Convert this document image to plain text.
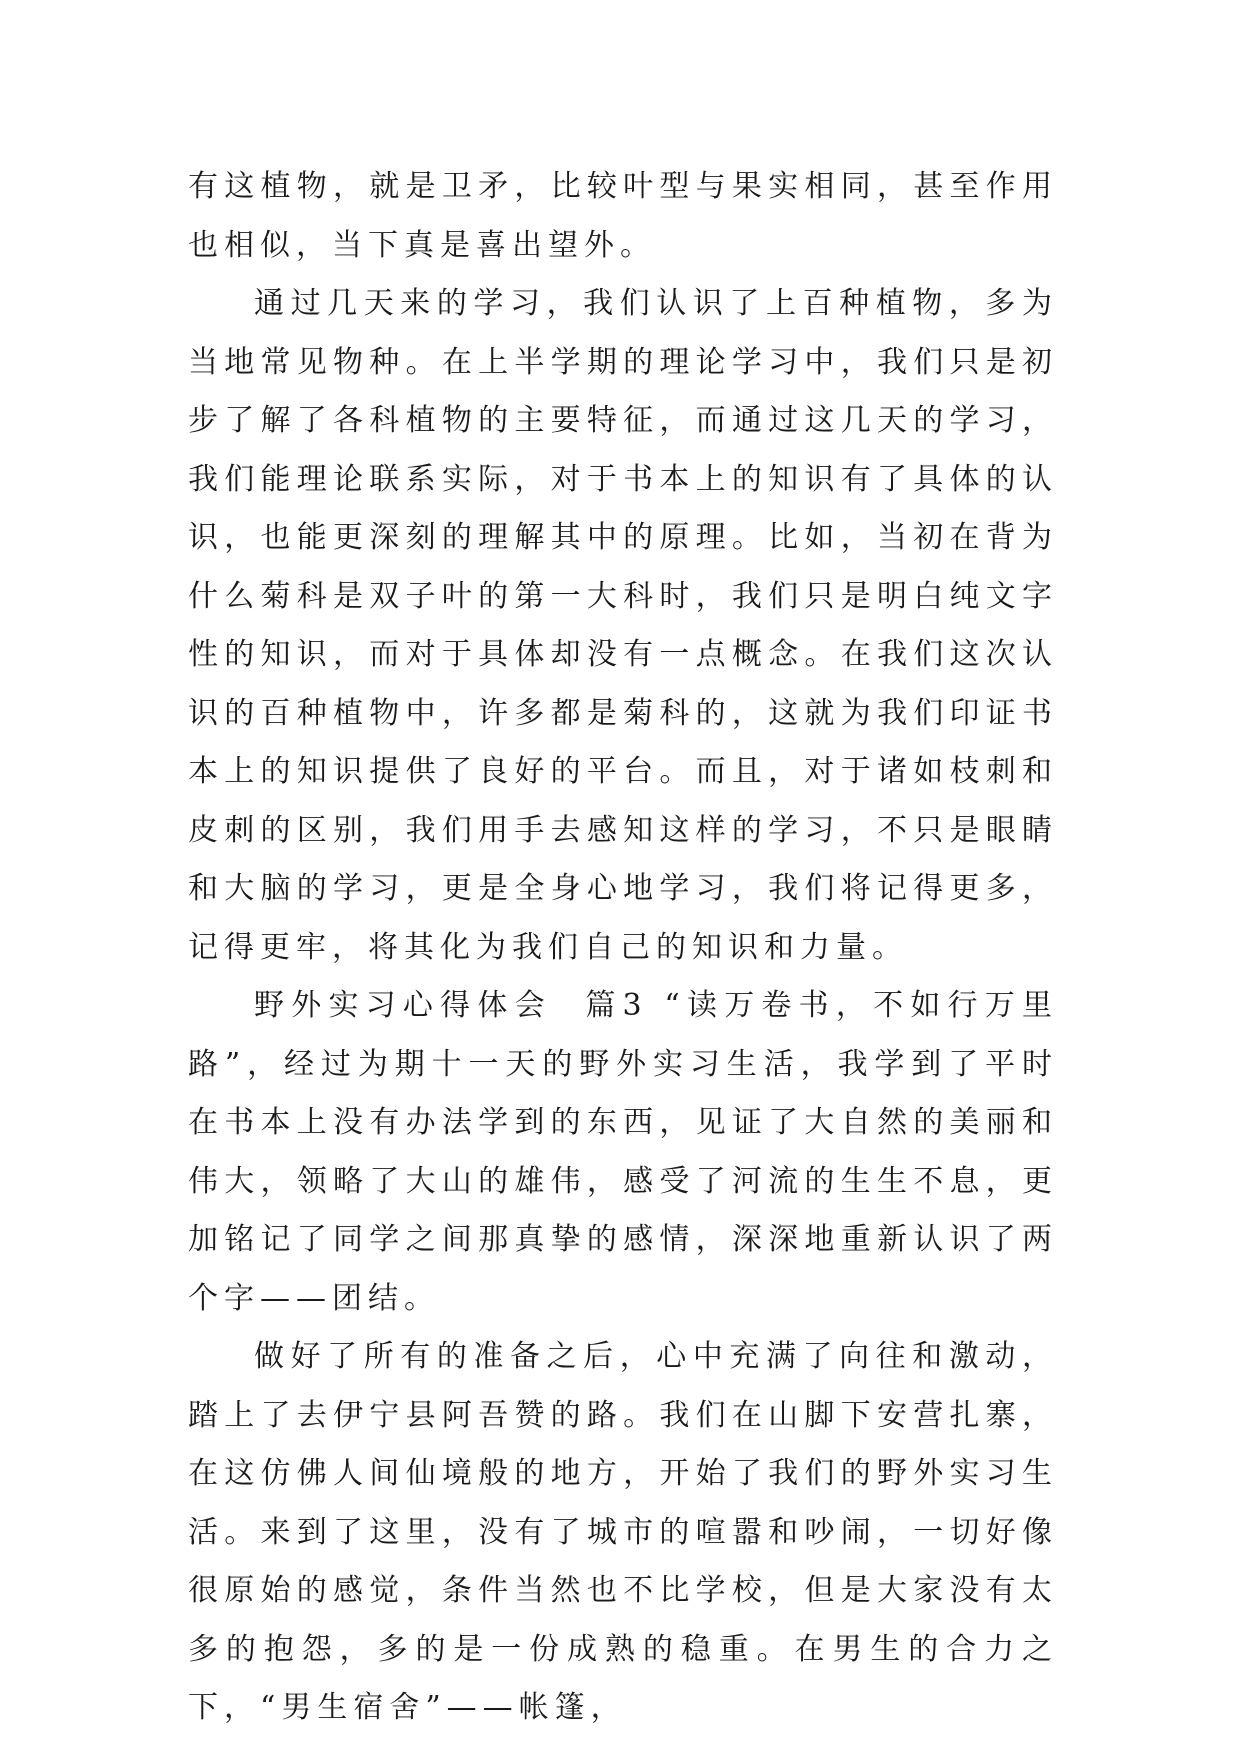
有这植物，就是卫矛，比较叶型与果实相同，甚至作用也相似，当下真是喜出望外。

通过几天来的学习，我们认识了上百种植物，多为当地常见物种。在上半学期的理论学习中，我们只是初步了解了各科植物的主要特征，而通过这几天的学习，我们能理论联系实际，对于书本上的知识有了具体的认识，也能更深刻的理解其中的原理。比如，当初在背为什么菊科是双子叶的第一大科时，我们只是明白纯文字性的知识，而对于具体却没有一点概念。在我们这次认识的百种植物中，许多都是菊科的，这就为我们印证书本上的知识提供了良好的平台。而且，对于诸如枝刺和皮刺的区别，我们用手去感知这样的学习，不只是眼睛和大脑的学习，更是全身心地学习，我们将记得更多，记得更牢，将其化为我们自己的知识和力量。

野外实习心得体会  篇3 “读万卷书，不如行万里路”，经过为期十一天的野外实习生活，我学到了平时在书本上没有办法学到的东西，见证了大自然的美丽和伟大，领略了大山的雄伟，感受了河流的生生不息，更加铭记了同学之间那真挚的感情，深深地重新认识了两个字——团结。

做好了所有的准备之后，心中充满了向往和激动，踏上了去伊宁县阿吾赞的路。我们在山脚下安营扎寨，在这仿佛人间仙境般的地方，开始了我们的野外实习生活。来到了这里，没有了城市的喧嚣和吵闹，一切好像很原始的感觉，条件当然也不比学校，但是大家没有太多的抱怨，多的是一份成熟的稳重。在男生的合力之下，“男生宿舍”——帐篷，
